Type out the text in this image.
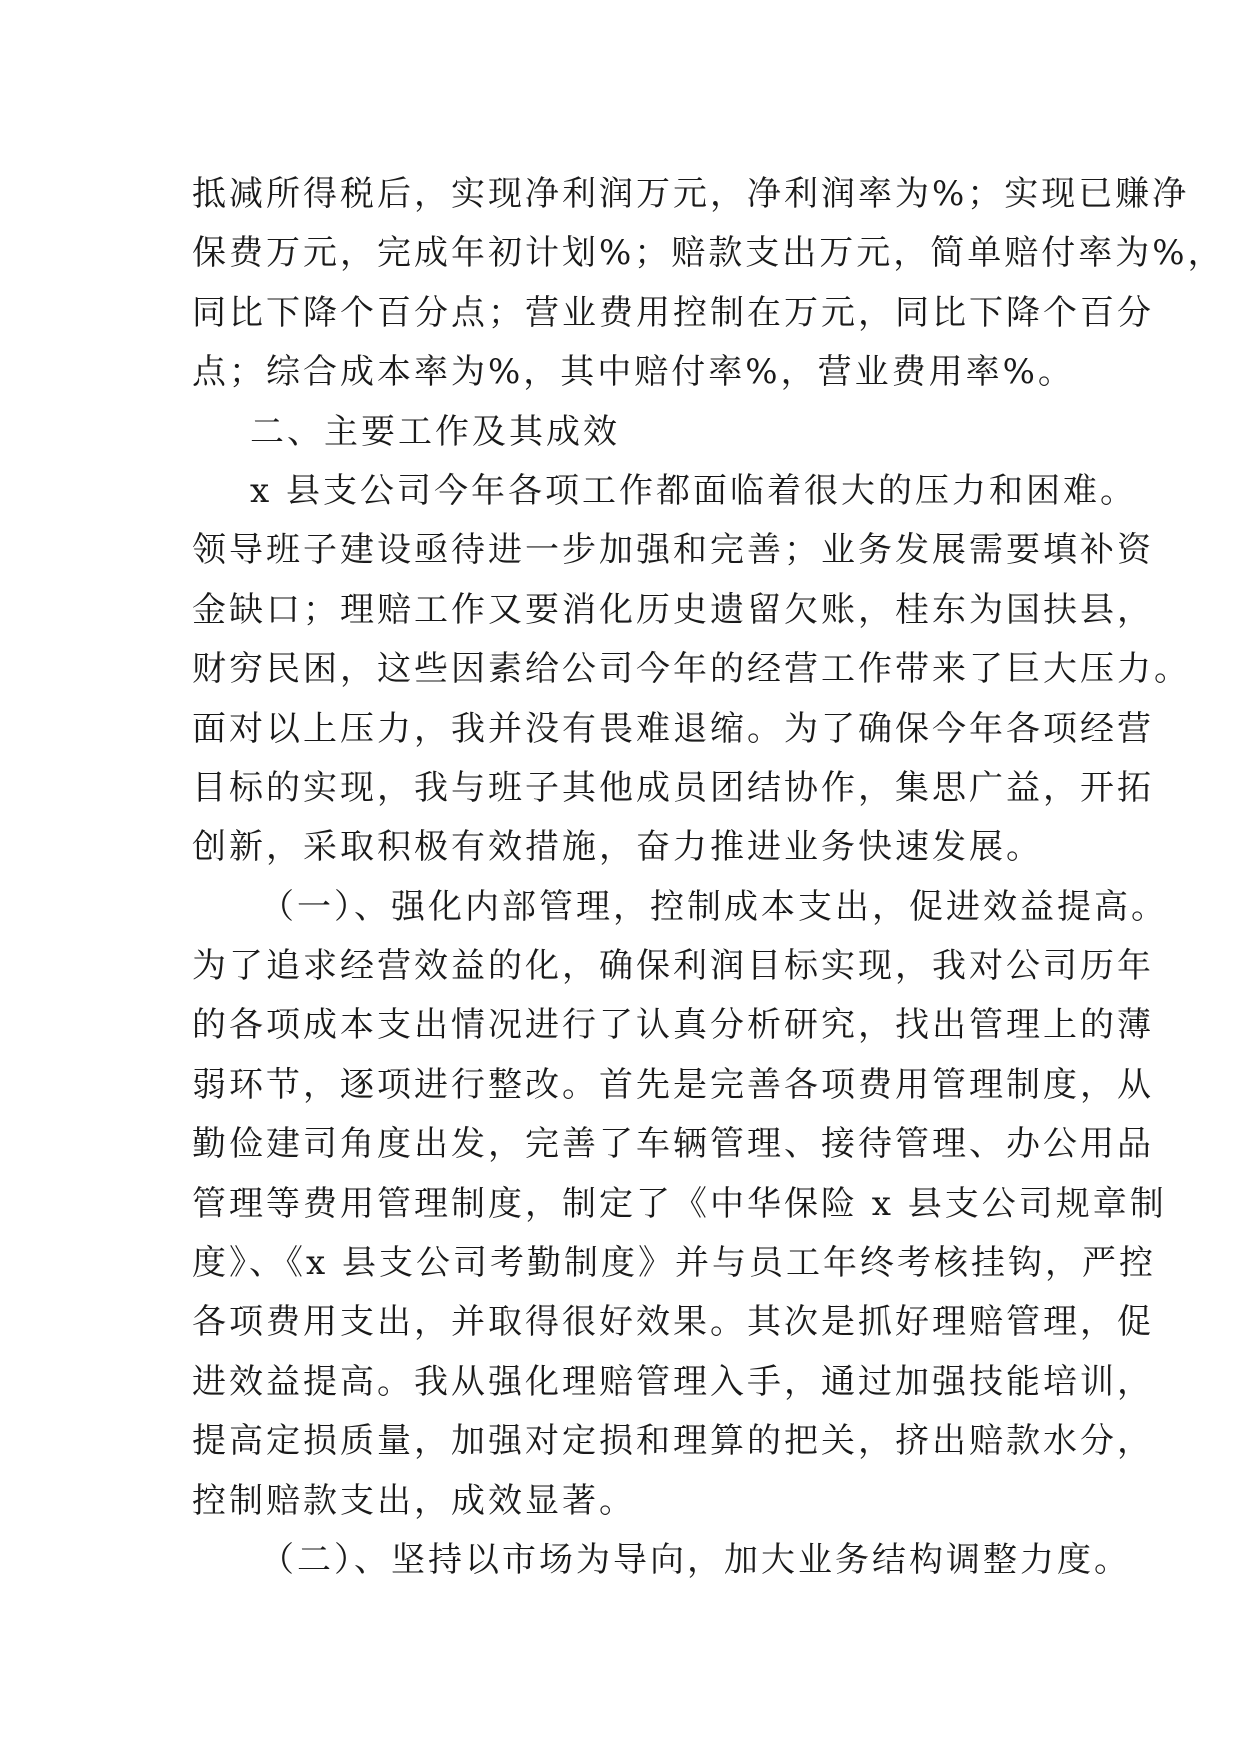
抵减所得税后，实现净利润万元，净利润率为%；实现已赚净
保费万元，完成年初计划%；赔款支出万元，简单赔付率为%，
同比下降个百分点；营业费用控制在万元，同比下降个百分
点；综合成本率为%，其中赔付率%，营业费用率%。
二、主要工作及其成效
x 县支公司今年各项工作都面临着很大的压力和困难。
领导班子建设亟待进一步加强和完善；业务发展需要填补资
金缺口；理赔工作又要消化历史遗留欠账，桂东为国扶县，
财穷民困，这些因素给公司今年的经营工作带来了巨大压力。
面对以上压力，我并没有畏难退缩。为了确保今年各项经营
目标的实现，我与班子其他成员团结协作，集思广益，开拓
创新，采取积极有效措施，奋力推进业务快速发展。
（一）、强化内部管理，控制成本支出，促进效益提高。
为了追求经营效益的化，确保利润目标实现，我对公司历年
的各项成本支出情况进行了认真分析研究，找出管理上的薄
弱环节，逐项进行整改。首先是完善各项费用管理制度，从
勤俭建司角度出发，完善了车辆管理、接待管理、办公用品
管理等费用管理制度，制定了《中华保险 x 县支公司规章制
度》、《x 县支公司考勤制度》并与员工年终考核挂钩，严控
各项费用支出，并取得很好效果。其次是抓好理赔管理，促
进效益提高。我从强化理赔管理入手，通过加强技能培训，
提高定损质量，加强对定损和理算的把关，挤出赔款水分，
控制赔款支出，成效显著。
（二）、坚持以市场为导向，加大业务结构调整力度。
